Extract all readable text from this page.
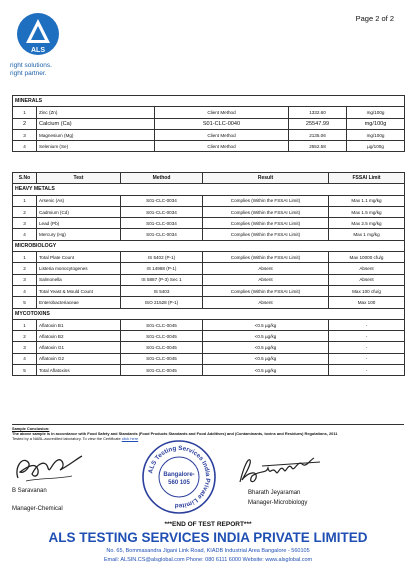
Page 2 of 2
ALS
right solutions.
right partner.
MINERALS				
1	Zinc (Zn)	Client Method	1332.60	mg/100g
2	Calcium (Ca)	S01-CLC-0040	25547.99	mg/100g
3	Magnesium (Mg)	Client Method	2135.06	mg/100g
4	Selenium (Se)	Client Method	2552.58	µg/100g
S.No	Test	Method	Result	FSSAI Limit
HEAVY METALS				
1	Arsenic (As)	S01-CLC-0034	Complies (Within the FSSAI Limit)	Max 1.1 mg/kg
2	Cadmium (Cd)	S01-CLC-0034	Complies (Within the FSSAI Limit)	Max 1.5 mg/kg
3	Lead (Pb)	S01-CLC-0034	Complies (Within the FSSAI Limit)	Max 2.5 mg/kg
4	Mercury (Hg)	S01-CLC-0034	Complies (Within the FSSAI Limit)	Max 1 mg/kg
MICROBIOLOGY				
1	Total Plate Count	IS 5402 (P-1)	Complies (Within the FSSAI Limit)	Max 10000 cfu/g
2	Listeria monocytogenes	IS 14988 (P-1)	Absent	Absent
3	Salmonella	IS 5887 (P-3) Sec 1	Absent	Absent
4	Total Yeast & Mould Count	IS 5403	Complies (Within the FSSAI Limit)	Max 100 cfu/g
5	Enterobacteriaceae	ISO 21528 (P-1)	Absent	Max 100
MYCOTOXINS				
1	Aflatoxin B1	S01-CLC-0045	<0.5 µg/kg	-
2	Aflatoxin B2	S01-CLC-0045	<0.5 µg/kg	-
3	Aflatoxin G1	S01-CLC-0045	<0.5 µg/kg	-
4	Aflatoxin G2	S01-CLC-0045	<0.5 µg/kg	-
5	Total Aflatoxins	S01-CLC-0045	<0.5 µg/kg	-
Sample Conclusion:
The above sample is in accordance with Food Safety and Standards (Food Products Standards and Food Additives) and (Contaminants, toxins and Residues) Regulations, 2011
Tested by a NABL-accredited laboratory. To view the Certificate click here
ALS Testing Services India Private Limited
Bangalore-
560 105
B Saravanan
Manager-Chemical
Bharath Jeyaraman
Manager-Microbiology
***END OF TEST REPORT***
ALS TESTING SERVICES INDIA PRIVATE LIMITED
No. 65, Bommasandra Jigani Link Road, KIADB Industrial Area Bangalore - 560105
Email: ALSIN.CS@alsglobal.com Phone: 080 6111 6000 Website: www.alsglobal.com
